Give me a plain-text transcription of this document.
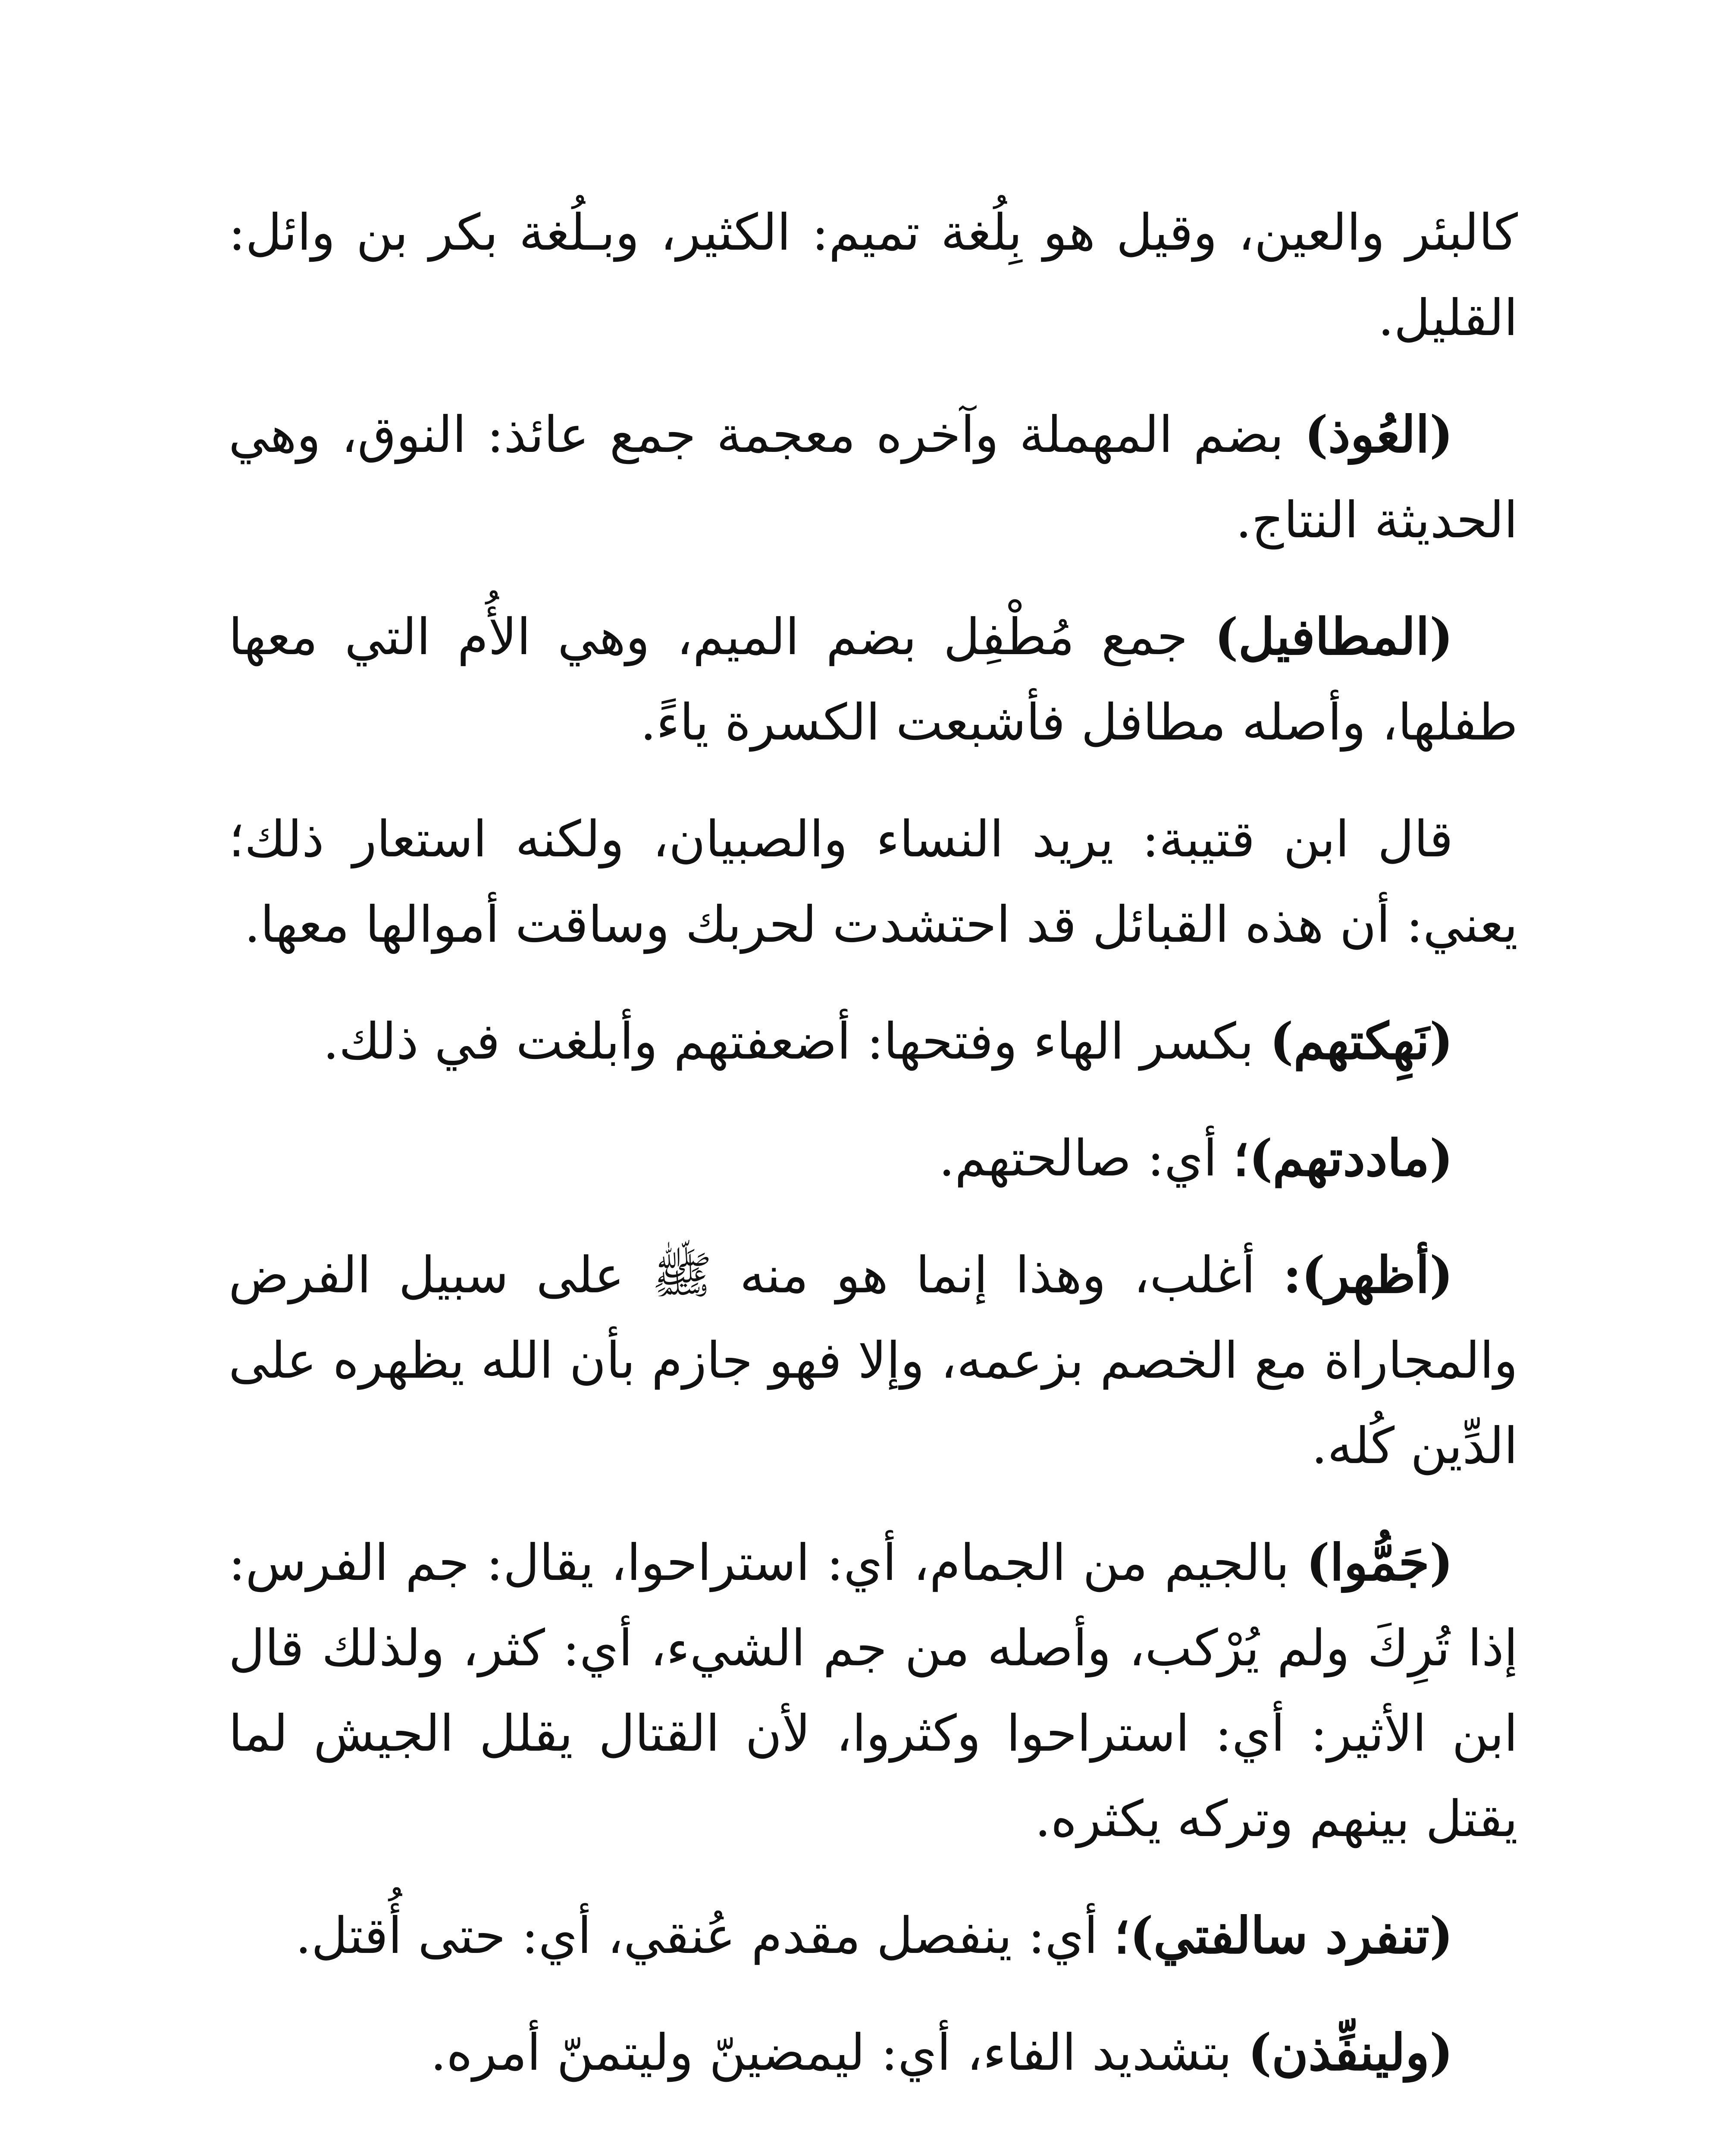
كالبئر والعين، وقيل هو بِلُغة تميم: الكثير، وبـلُغة بكر بن وائل: القليل.

(العُوذ) بضم المهملة وآخره معجمة جمع عائذ: النوق، وهي الحديثة النتاج.

(المطافيل) جمع مُطْفِل بضم الميم، وهي الأُم التي معها طفلها، وأصله مطافل فأشبعت الكسرة ياءً.

قال ابن قتيبة: يريد النساء والصبيان، ولكنه استعار ذلك؛ يعني: أن هذه القبائل قد احتشدت لحربك وساقت أموالها معها.

(نَهِكتهم) بكسر الهاء وفتحها: أضعفتهم وأبلغت في ذلك.

(ماددتهم)؛ أي: صالحتهم.

(أظهر): أغلب، وهذا إنما هو منه ﷺ على سبيل الفرض والمجاراة مع الخصم بزعمه، وإلا فهو جازم بأن الله يظهره على الدِّين كُله.

(جَمُّوا) بالجيم من الجمام، أي: استراحوا، يقال: جم الفرس: إذا تُرِكَ ولم يُرْكب، وأصله من جم الشيء، أي: كثر، ولذلك قال ابن الأثير: أي: استراحوا وكثروا، لأن القتال يقلل الجيش لما يقتل بينهم وتركه يكثره.

(تنفرد سالفتي)؛ أي: ينفصل مقدم عُنقي، أي: حتى أُقتل.

(ولينفِّذن) بتشديد الفاء، أي: ليمضينّ وليتمنّ أمره.
